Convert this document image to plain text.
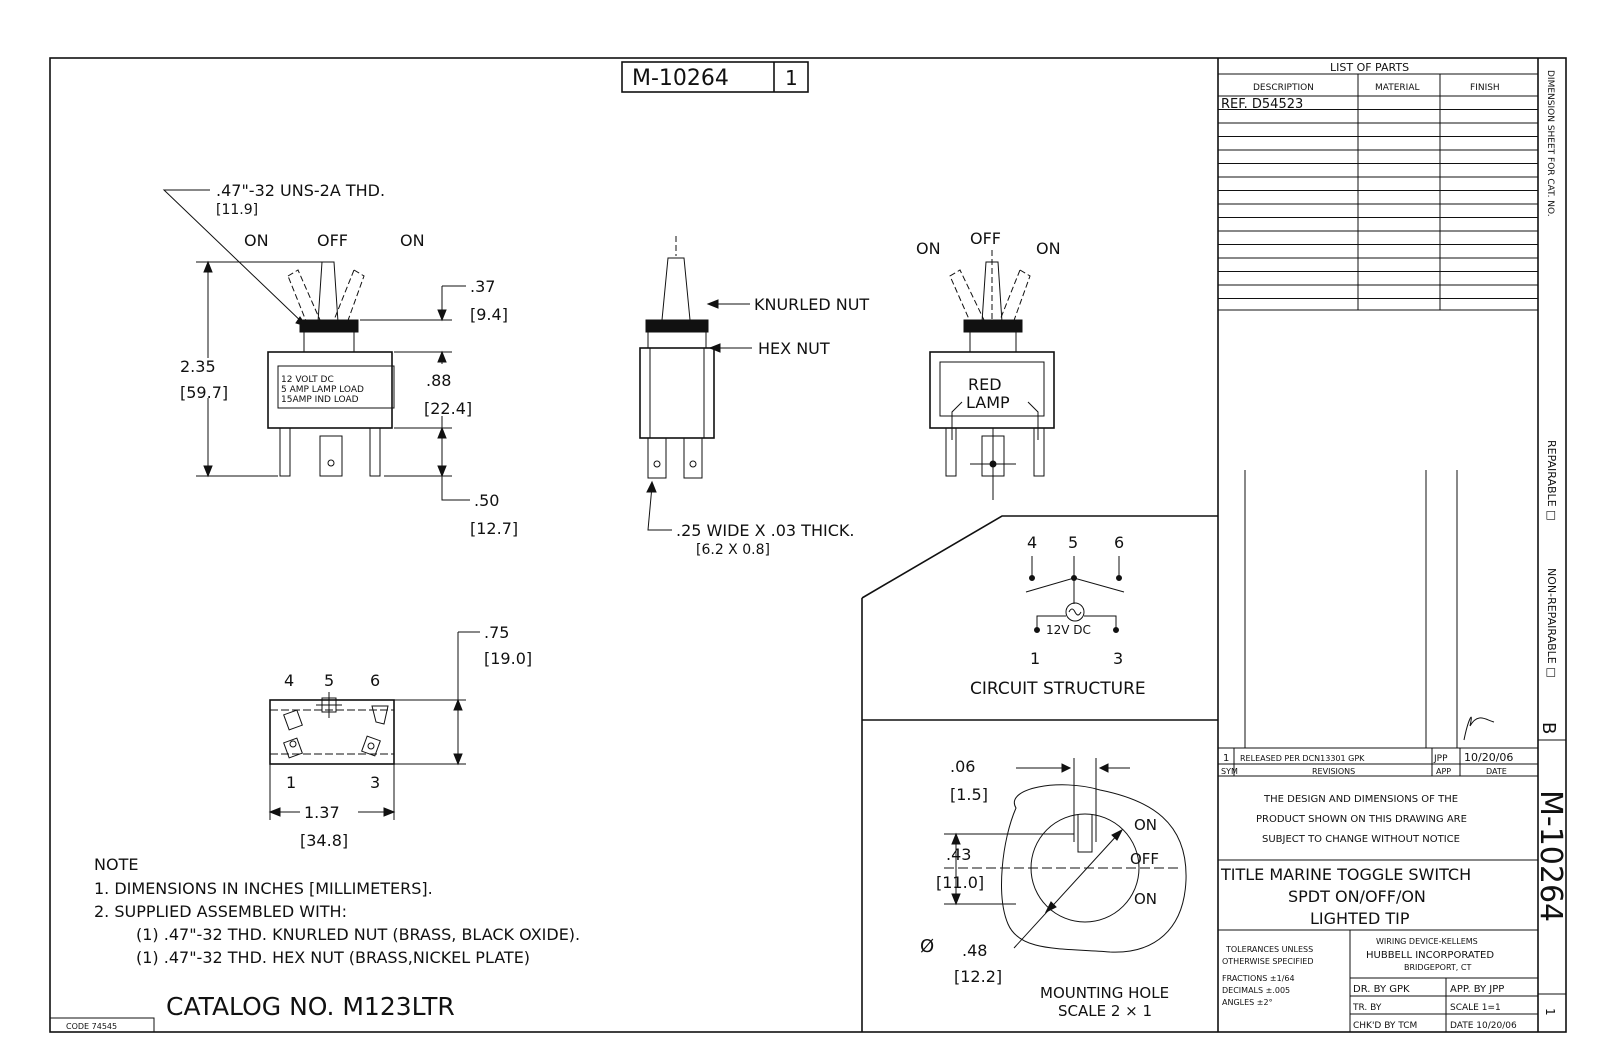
M-10264	1	LIST OF PARTS
DESCRIPTION	MATERIAL	FINISH
REF. D54523	DIMENSION SHEET FOR CAT. NO.
REPAIRABLE □
NON-REPAIRABLE □
B
M-10264
1
1 RELEASED PER DCN13301 GPK	JPP 10/20/06
SYM	REVISIONS	APP	DATE
THE DESIGN AND DIMENSIONS OF THE
PRODUCT SHOWN ON THIS DRAWING ARE
SUBJECT TO CHANGE WITHOUT NOTICE
TITLE MARINE TOGGLE SWITCH
SPDT ON/OFF/ON
LIGHTED TIP
TOLERANCES UNLESS
OTHERWISE SPECIFIED
FRACTIONS ±1/64
DECIMALS ±.005
ANGLES ±2°
WIRING DEVICE-KELLEMS
HUBBELL INCORPORATED
BRIDGEPORT, CT
DR. BY GPK	APP. BY JPP
TR. BY	SCALE 1=1
CHK'D BY TCM	DATE 10/20/06
4 5 6
12V DC
1	3
CIRCUIT STRUCTURE
.06
[1.5]
.43
[11.0]
Ø .48
[12.2]
ON
OFF
ON
MOUNTING HOLE
SCALE 2 × 1
.47"-32 UNS-2A THD.
[11.9]
ON	OFF	ON
12 VOLT DC
5 AMP LAMP LOAD
15AMP IND LOAD
2.35
[59.7]
.37
[9.4]
.88
[22.4]
.50
[12.7]
KNURLED NUT
HEX NUT
.25 WIDE X .03 THICK.
[6.2 X 0.8]
ON
OFF
ON
RED
LAMP
4 5 6
1	3
1.37
[34.8]
.75
[19.0]
NOTE
1. DIMENSIONS IN INCHES [MILLIMETERS].
2. SUPPLIED ASSEMBLED WITH:
(1) .47"-32 THD. KNURLED NUT (BRASS, BLACK OXIDE).
(1) .47"-32 THD. HEX NUT (BRASS,NICKEL PLATE)
CATALOG NO. M123LTR
CODE 74545
